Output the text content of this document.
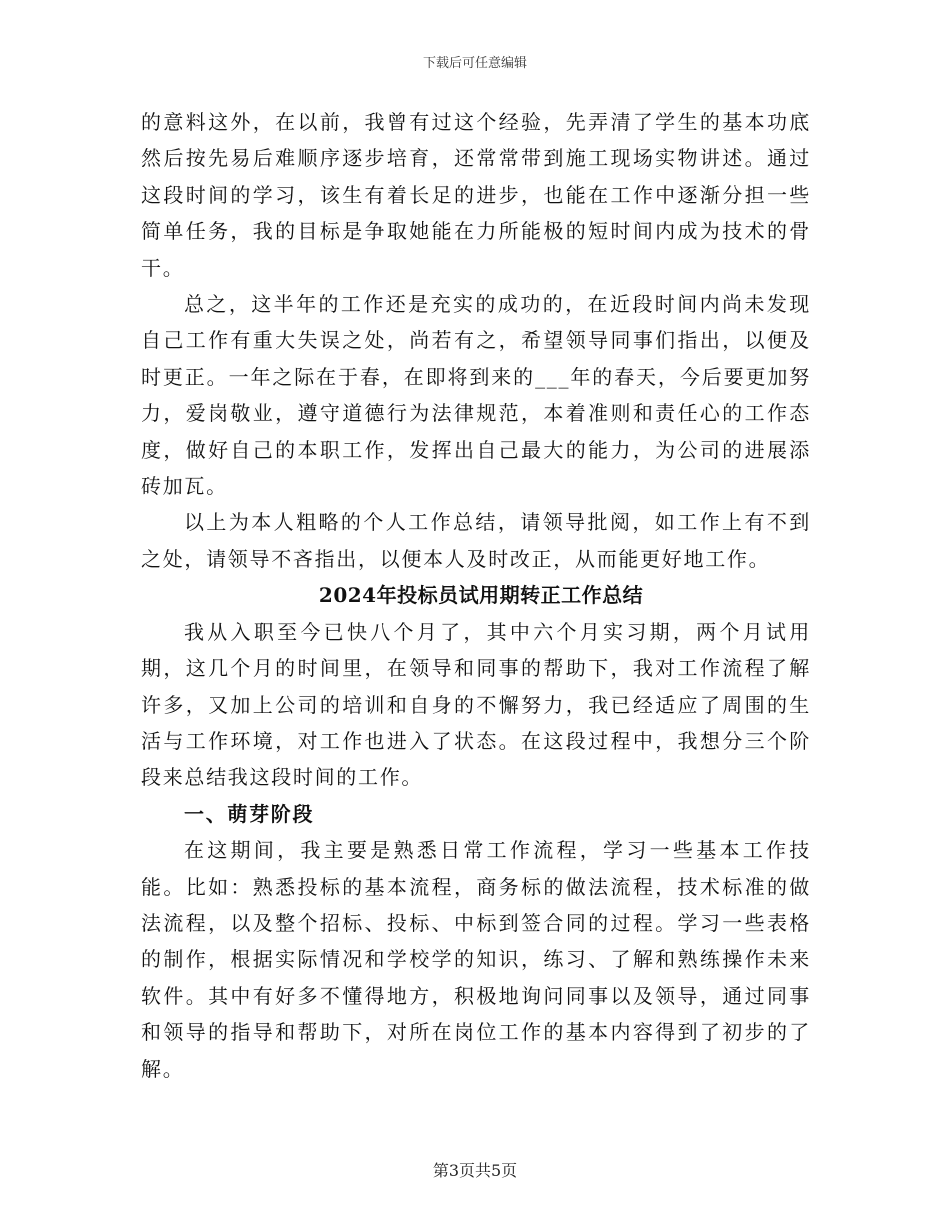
下载后可任意编辑

的意料这外，在以前，我曾有过这个经验，先弄清了学生的基本功底然后按先易后难顺序逐步培育，还常常带到施工现场实物讲述。通过这段时间的学习，该生有着长足的进步，也能在工作中逐渐分担一些简单任务，我的目标是争取她能在力所能极的短时间内成为技术的骨干。

总之，这半年的工作还是充实的成功的，在近段时间内尚未发现自己工作有重大失误之处，尚若有之，希望领导同事们指出，以便及时更正。一年之际在于春，在即将到来的___年的春天，今后要更加努力，爱岗敬业，遵守道德行为法律规范，本着准则和责任心的工作态度，做好自己的本职工作，发挥出自己最大的能力，为公司的进展添砖加瓦。

以上为本人粗略的个人工作总结，请领导批阅，如工作上有不到之处，请领导不吝指出，以便本人及时改正，从而能更好地工作。

2024年投标员试用期转正工作总结

我从入职至今已快八个月了，其中六个月实习期，两个月试用期，这几个月的时间里，在领导和同事的帮助下，我对工作流程了解许多，又加上公司的培训和自身的不懈努力，我已经适应了周围的生活与工作环境，对工作也进入了状态。在这段过程中，我想分三个阶段来总结我这段时间的工作。

一、萌芽阶段

在这期间，我主要是熟悉日常工作流程，学习一些基本工作技能。比如：熟悉投标的基本流程，商务标的做法流程，技术标准的做法流程，以及整个招标、投标、中标到签合同的过程。学习一些表格的制作，根据实际情况和学校学的知识，练习、了解和熟练操作未来软件。其中有好多不懂得地方，积极地询问同事以及领导，通过同事和领导的指导和帮助下，对所在岗位工作的基本内容得到了初步的了解。

第3页共5页
